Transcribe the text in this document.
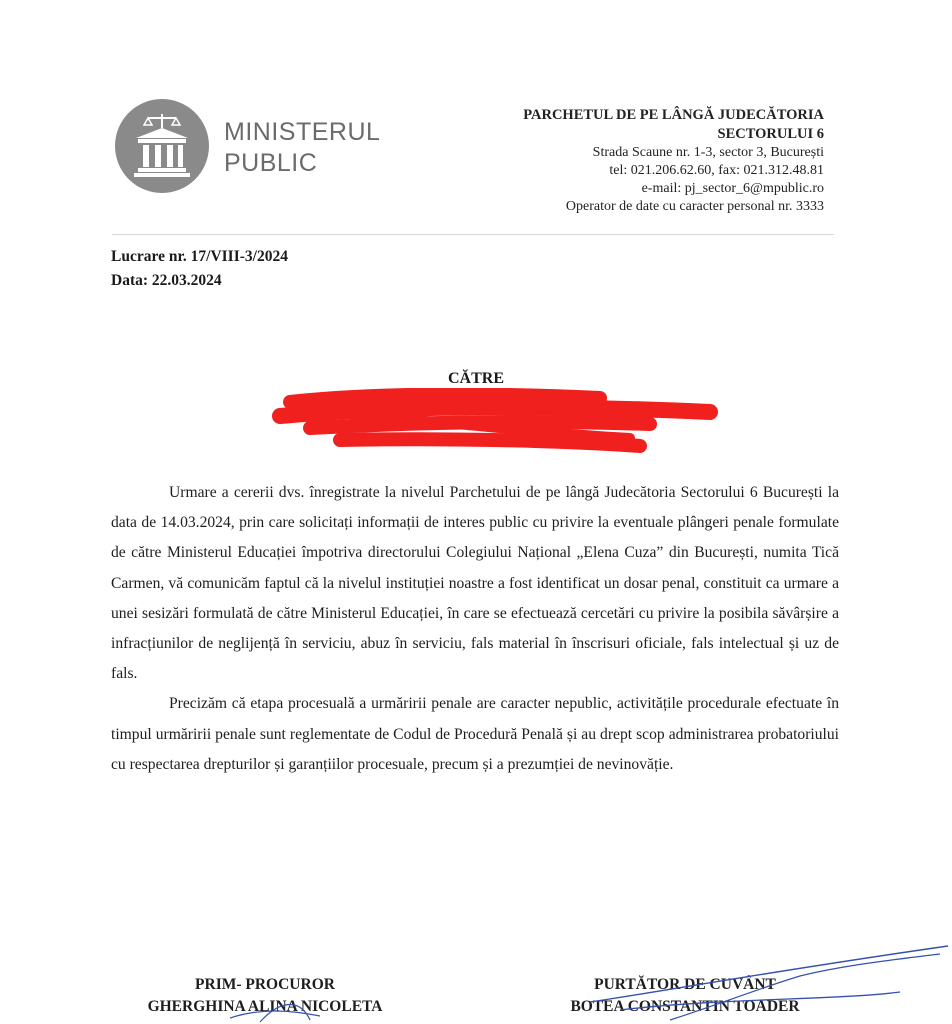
MINISTERUL
PUBLIC
PARCHETUL DE PE LÂNGĂ JUDECĂTORIA
SECTORULUI 6
Strada Scaune nr. 1-3, sector 3, București
tel: 021.206.62.60, fax: 021.312.48.81
e-mail: pj_sector_6@mpublic.ro
Operator de date cu caracter personal nr. 3333
Lucrare nr. 17/VIII-3/2024
Data: 22.03.2024
CĂTRE

Urmare a cererii dvs. înregistrate la nivelul Parchetului de pe lângă Judecătoria Sectorului 6 București la data de 14.03.2024, prin care solicitați informații de interes public cu privire la eventuale plângeri penale formulate de către Ministerul Educației împotriva directorului Colegiului Național „Elena Cuza” din București, numita Tică Carmen, vă comunicăm faptul că la nivelul instituției noastre a fost identificat un dosar penal, constituit ca urmare a unei sesizări formulată de către Ministerul Educației, în care se efectuează cercetări cu privire la posibila săvârșire a infracțiunilor de neglijență în serviciu, abuz în serviciu, fals material în înscrisuri oficiale, fals intelectual și uz de fals.

Precizăm că etapa procesuală a urmăririi penale are caracter nepublic, activitățile procedurale efectuate în timpul urmăririi penale sunt reglementate de Codul de Procedură Penală și au drept scop administrarea probatoriului cu respectarea drepturilor și garanțiilor procesuale, precum și a prezumției de nevinovăție.

PRIM- PROCUROR
GHERGHINA ALINA NICOLETA
PURTĂTOR DE CUVÂNT
BOTEA CONSTANTIN TOADER
